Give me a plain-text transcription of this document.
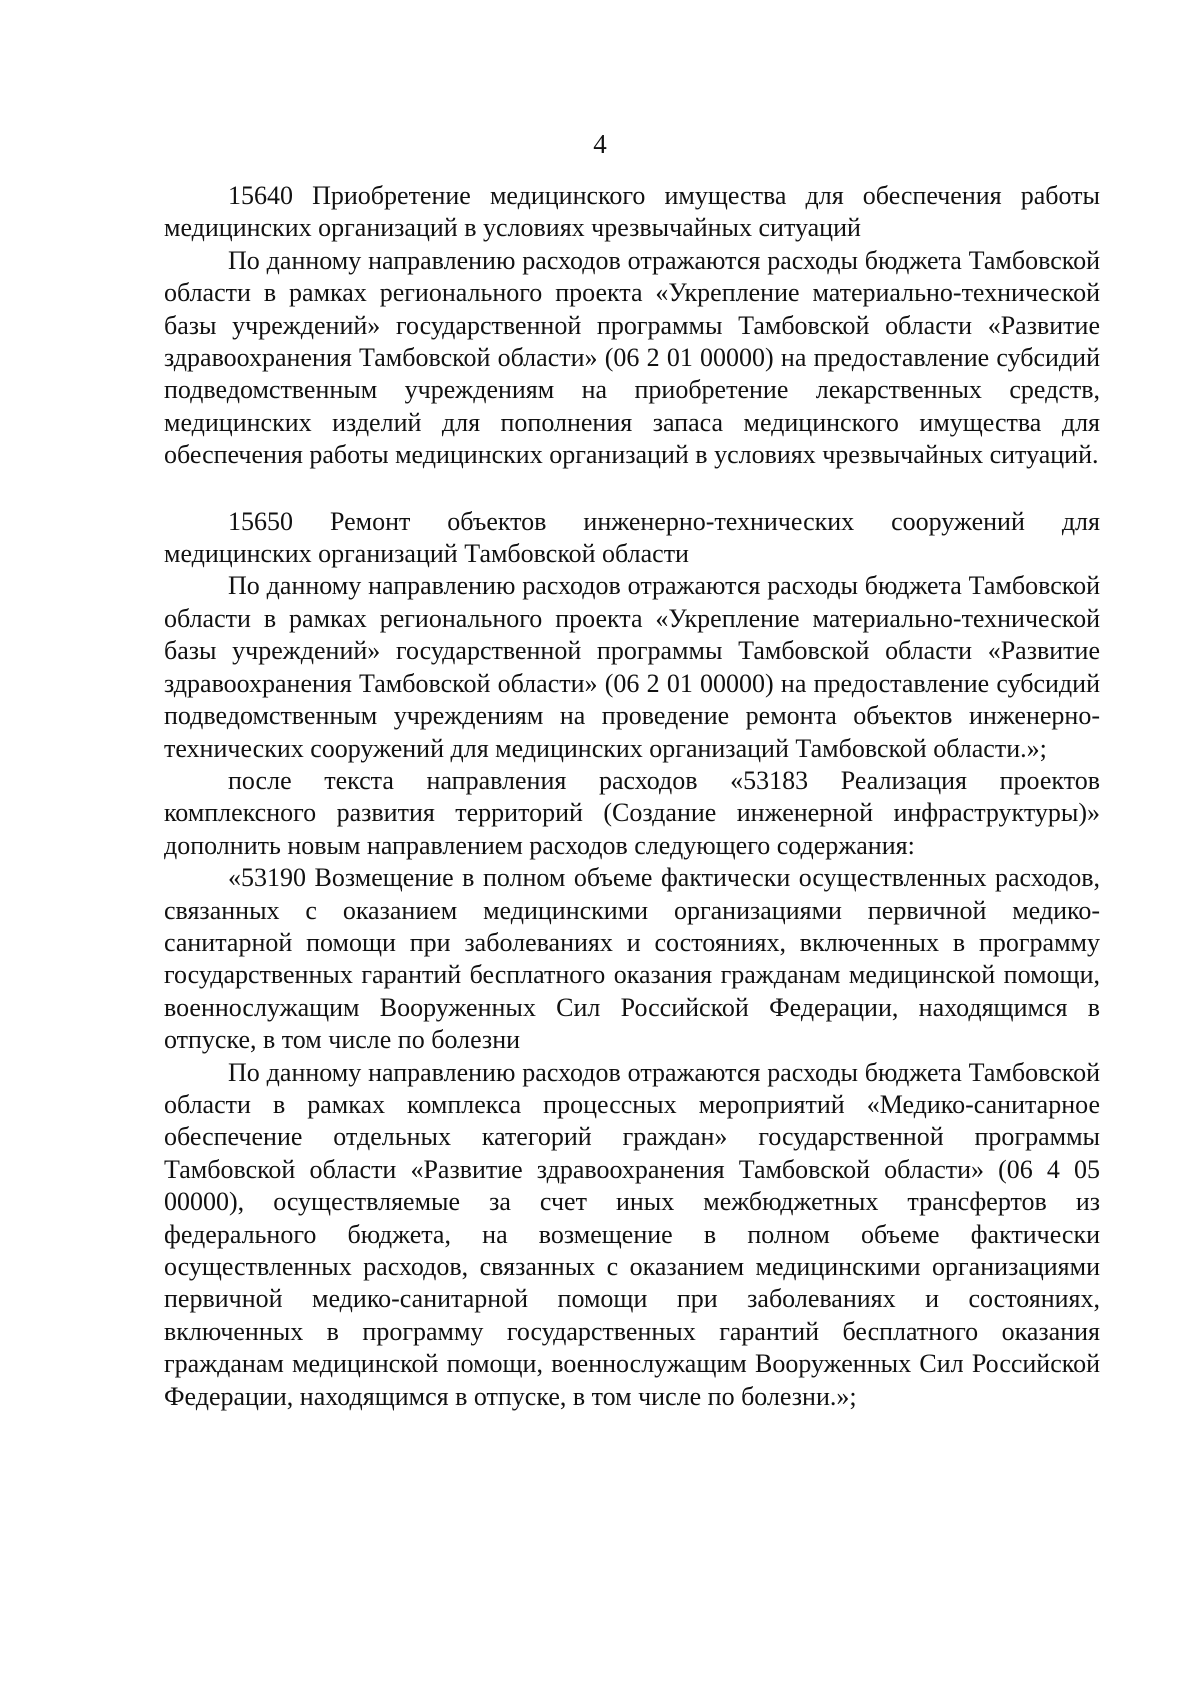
4

15640 Приобретение медицинского имущества для обеспечения работы медицинских организаций в условиях чрезвычайных ситуаций

По данному направлению расходов отражаются расходы бюджета Тамбовской области в рамках регионального проекта «Укрепление материально-технической базы учреждений» государственной программы Тамбовской области «Развитие здравоохранения Тамбовской области» (06 2 01 00000) на предоставление субсидий подведомственным учреждениям на приобретение лекарственных средств, медицинских изделий для пополнения запаса медицинского имущества для обеспечения работы медицинских организаций в условиях чрезвычайных ситуаций.

15650 Ремонт объектов инженерно-технических сооружений для медицинских организаций Тамбовской области

По данному направлению расходов отражаются расходы бюджета Тамбовской области в рамках регионального проекта «Укрепление материально-технической базы учреждений» государственной программы Тамбовской области «Развитие здравоохранения Тамбовской области» (06 2 01 00000) на предоставление субсидий подведомственным учреждениям на проведение ремонта объектов инженерно-технических сооружений для медицинских организаций Тамбовской области.»;

после текста направления расходов «53183 Реализация проектов комплексного развития территорий (Создание инженерной инфраструктуры)» дополнить новым направлением расходов следующего содержания:

«53190 Возмещение в полном объеме фактически осуществленных расходов, связанных с оказанием медицинскими организациями первичной медико-санитарной помощи при заболеваниях и состояниях, включенных в программу государственных гарантий бесплатного оказания гражданам медицинской помощи, военнослужащим Вооруженных Сил Российской Федерации, находящимся в отпуске, в том числе по болезни

По данному направлению расходов отражаются расходы бюджета Тамбовской области в рамках комплекса процессных мероприятий «Медико-санитарное обеспечение отдельных категорий граждан» государственной программы Тамбовской области «Развитие здравоохранения Тамбовской области» (06 4 05 00000), осуществляемые за счет иных межбюджетных трансфертов из федерального бюджета, на возмещение в полном объеме фактически осуществленных расходов, связанных с оказанием медицинскими организациями первичной медико-санитарной помощи при заболеваниях и состояниях, включенных в программу государственных гарантий бесплатного оказания гражданам медицинской помощи, военнослужащим Вооруженных Сил Российской Федерации, находящимся в отпуске, в том числе по болезни.»;
